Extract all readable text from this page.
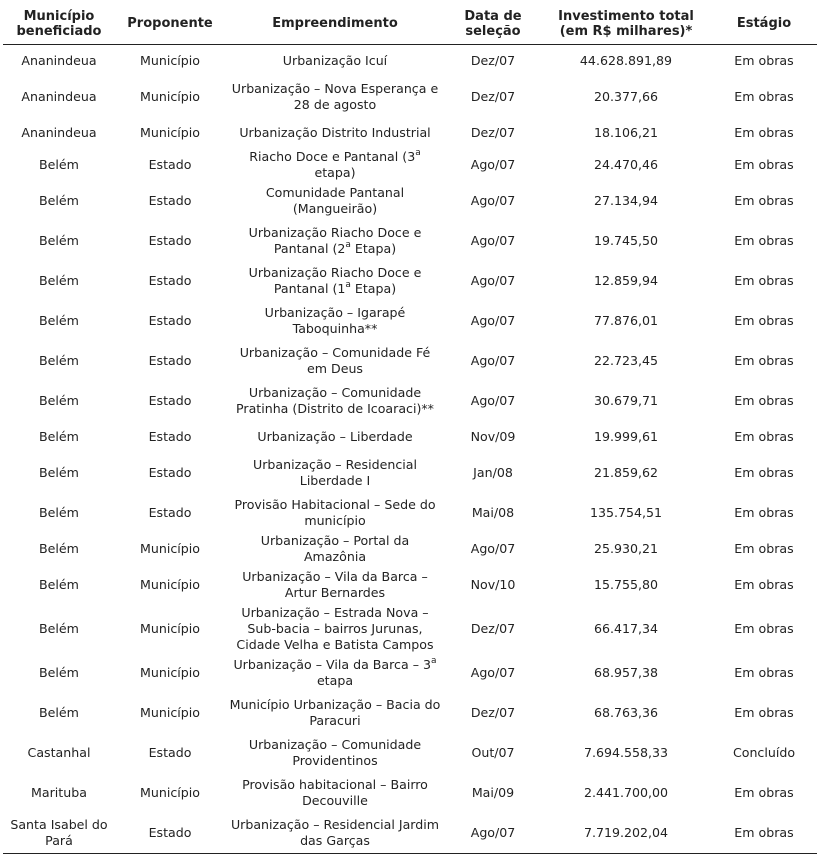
Município beneficiado	Proponente	Empreendimento	Data de seleção	Investimento total (em R$ milhares)*	Estágio
Ananindeua	Município	Urbanização Icuí	Dez/07	44.628.891,89	Em obras
Ananindeua	Município	Urbanização – Nova Esperança e 28 de agosto	Dez/07	20.377,66	Em obras
Ananindeua	Município	Urbanização Distrito Industrial	Dez/07	18.106,21	Em obras
Belém	Estado	Riacho Doce e Pantanal (3$^a$ etapa)	Ago/07	24.470,46	Em obras
Belém	Estado	Comunidade Pantanal (Mangueirão)	Ago/07	27.134,94	Em obras
Belém	Estado	Urbanização Riacho Doce e Pantanal (2$^a$ Etapa)	Ago/07	19.745,50	Em obras
Belém	Estado	Urbanização Riacho Doce e Pantanal (1$^a$ Etapa)	Ago/07	12.859,94	Em obras
Belém	Estado	Urbanização – Igarapé Taboquinha**	Ago/07	77.876,01	Em obras
Belém	Estado	Urbanização – Comunidade Fé em Deus	Ago/07	22.723,45	Em obras
Belém	Estado	Urbanização – Comunidade Pratinha (Distrito de Icoaraci)**	Ago/07	30.679,71	Em obras
Belém	Estado	Urbanização – Liberdade	Nov/09	19.999,61	Em obras
Belém	Estado	Urbanização – Residencial Liberdade I	Jan/08	21.859,62	Em obras
Belém	Estado	Provisão Habitacional – Sede do município	Mai/08	135.754,51	Em obras
Belém	Município	Urbanização – Portal da Amazônia	Ago/07	25.930,21	Em obras
Belém	Município	Urbanização – Vila da Barca – Artur Bernardes	Nov/10	15.755,80	Em obras
Belém	Município	Urbanização – Estrada Nova – Sub-bacia – bairros Jurunas, Cidade Velha e Batista Campos	Dez/07	66.417,34	Em obras
Belém	Município	Urbanização – Vila da Barca – 3$^a$ etapa	Ago/07	68.957,38	Em obras
Belém	Município	Município Urbanização – Bacia do Paracuri	Dez/07	68.763,36	Em obras
Castanhal	Estado	Urbanização – Comunidade Providentinos	Out/07	7.694.558,33	Concluído
Marituba	Município	Provisão habitacional – Bairro Decouville	Mai/09	2.441.700,00	Em obras
Santa Isabel do Pará	Estado	Urbanização – Residencial Jardim das Garças	Ago/07	7.719.202,04	Em obras
